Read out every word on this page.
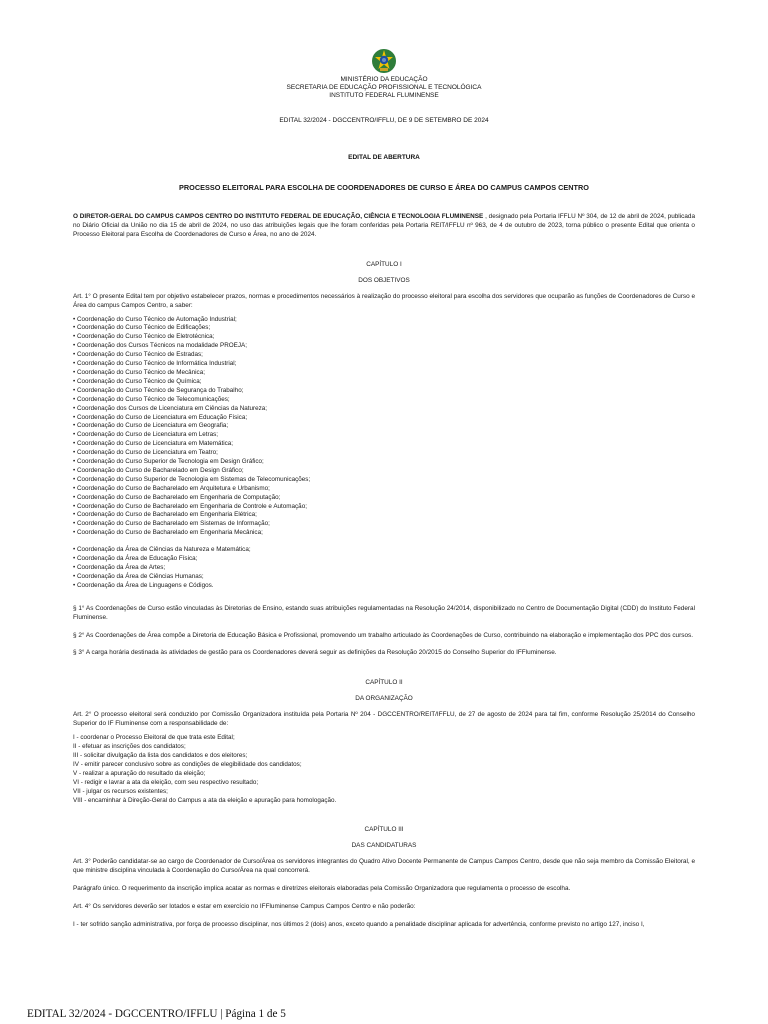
MINISTÉRIO DA EDUCAÇÃO
SECRETARIA DE EDUCAÇÃO PROFISSIONAL E TECNOLÓGICA
INSTITUTO FEDERAL FLUMINENSE
EDITAL 32/2024 - DGCCENTRO/IFFLU, DE 9 DE SETEMBRO DE 2024
EDITAL DE ABERTURA
PROCESSO ELEITORAL PARA ESCOLHA DE COORDENADORES DE CURSO E ÁREA DO CAMPUS CAMPOS CENTRO

O DIRETOR-GERAL DO CAMPUS CAMPOS CENTRO DO INSTITUTO FEDERAL DE EDUCAÇÃO, CIÊNCIA E TECNOLOGIA FLUMINENSE , designado pela Portaria IFFLU Nº 304, de 12 de abril de 2024, publicada no Diário Oficial da União no dia 15 de abril de 2024, no uso das atribuições legais que lhe foram conferidas pela Portaria REIT/IFFLU nº 963, de 4 de outubro de 2023, torna público o presente Edital que orienta o Processo Eleitoral para Escolha de Coordenadores de Curso e Área, no ano de 2024.

CAPÍTULO I
DOS OBJETIVOS

Art. 1° O presente Edital tem por objetivo estabelecer prazos, normas e procedimentos necessários à realização do processo eleitoral para escolha dos servidores que ocuparão as funções de Coordenadores de Curso e Área do campus Campos Centro, a saber:

• Coordenação do Curso Técnico de Automação Industrial;
• Coordenação do Curso Técnico de Edificações;
• Coordenação do Curso Técnico de Eletrotécnica;
• Coordenação dos Cursos Técnicos na modalidade PROEJA;
• Coordenação do Curso Técnico de Estradas;
• Coordenação do Curso Técnico de Informática Industrial;
• Coordenação do Curso Técnico de Mecânica;
• Coordenação do Curso Técnico de Química;
• Coordenação do Curso Técnico de Segurança do Trabalho;
• Coordenação do Curso Técnico de Telecomunicações;
• Coordenação dos Cursos de Licenciatura em Ciências da Natureza;
• Coordenação do Curso de Licenciatura em Educação Física;
• Coordenação do Curso de Licenciatura em Geografia;
• Coordenação do Curso de Licenciatura em Letras;
• Coordenação do Curso de Licenciatura em Matemática;
• Coordenação do Curso de Licenciatura em Teatro;
• Coordenação do Curso Superior de Tecnologia em Design Gráfico;
• Coordenação do Curso de Bacharelado em Design Gráfico;
• Coordenação do Curso Superior de Tecnologia em Sistemas de Telecomunicações;
• Coordenação do Curso de Bacharelado em Arquitetura e Urbanismo;
• Coordenação do Curso de Bacharelado em Engenharia de Computação;
• Coordenação do Curso de Bacharelado em Engenharia de Controle e Automação;
• Coordenação do Curso de Bacharelado em Engenharia Elétrica;
• Coordenação do Curso de Bacharelado em Sistemas de Informação;
• Coordenação do Curso de Bacharelado em Engenharia Mecânica;
• Coordenação da Área de Ciências da Natureza e Matemática;
• Coordenação da Área de Educação Física;
• Coordenação da Área de Artes;
• Coordenação da Área de Ciências Humanas;
• Coordenação da Área de Linguagens e Códigos.

§ 1° As Coordenações de Curso estão vinculadas às Diretorias de Ensino, estando suas atribuições regulamentadas na Resolução 24/2014, disponibilizado no Centro de Documentação Digital (CDD) do Instituto Federal Fluminense.

§ 2° As Coordenações de Área compõe a Diretoria de Educação Básica e Profissional, promovendo um trabalho articulado às Coordenações de Curso, contribuindo na elaboração e implementação dos PPC dos cursos.

§ 3° A carga horária destinada às atividades de gestão para os Coordenadores deverá seguir as definições da Resolução 20/2015 do Conselho Superior do IFFluminense.

CAPÍTULO II
DA ORGANIZAÇÃO

Art. 2° O processo eleitoral será conduzido por Comissão Organizadora instituída pela Portaria Nº 204 - DGCCENTRO/REIT/IFFLU, de 27 de agosto de 2024 para tal fim, conforme Resolução 25/2014 do Conselho Superior do IF Fluminense com a responsabilidade de:

I - coordenar o Processo Eleitoral de que trata este Edital;
II - efetuar as inscrições dos candidatos;
III - solicitar divulgação da lista dos candidatos e dos eleitores;
IV - emitir parecer conclusivo sobre as condições de elegibilidade dos candidatos;
V - realizar a apuração do resultado da eleição;
VI - redigir e lavrar a ata da eleição, com seu respectivo resultado;
VII - julgar os recursos existentes;
VIII - encaminhar à Direção-Geral do Campus a ata da eleição e apuração para homologação.
CAPÍTULO III
DAS CANDIDATURAS

Art. 3° Poderão candidatar-se ao cargo de Coordenador de Curso/Área os servidores integrantes do Quadro Ativo Docente Permanente de Campus Campos Centro, desde que não seja membro da Comissão Eleitoral, e que ministre disciplina vinculada à Coordenação do Curso/Área na qual concorrerá.

Parágrafo único. O requerimento da inscrição implica acatar as normas e diretrizes eleitorais elaboradas pela Comissão Organizadora que regulamenta o processo de escolha.

Art. 4° Os servidores deverão ser lotados e estar em exercício no IFFluminense Campus Campos Centro e não poderão:

I - ter sofrido sanção administrativa, por força de processo disciplinar, nos últimos 2 (dois) anos, exceto quando a penalidade disciplinar aplicada for advertência, conforme previsto no artigo 127, inciso I,

EDITAL 32/2024 - DGCCENTRO/IFFLU | Página 1 de 5
